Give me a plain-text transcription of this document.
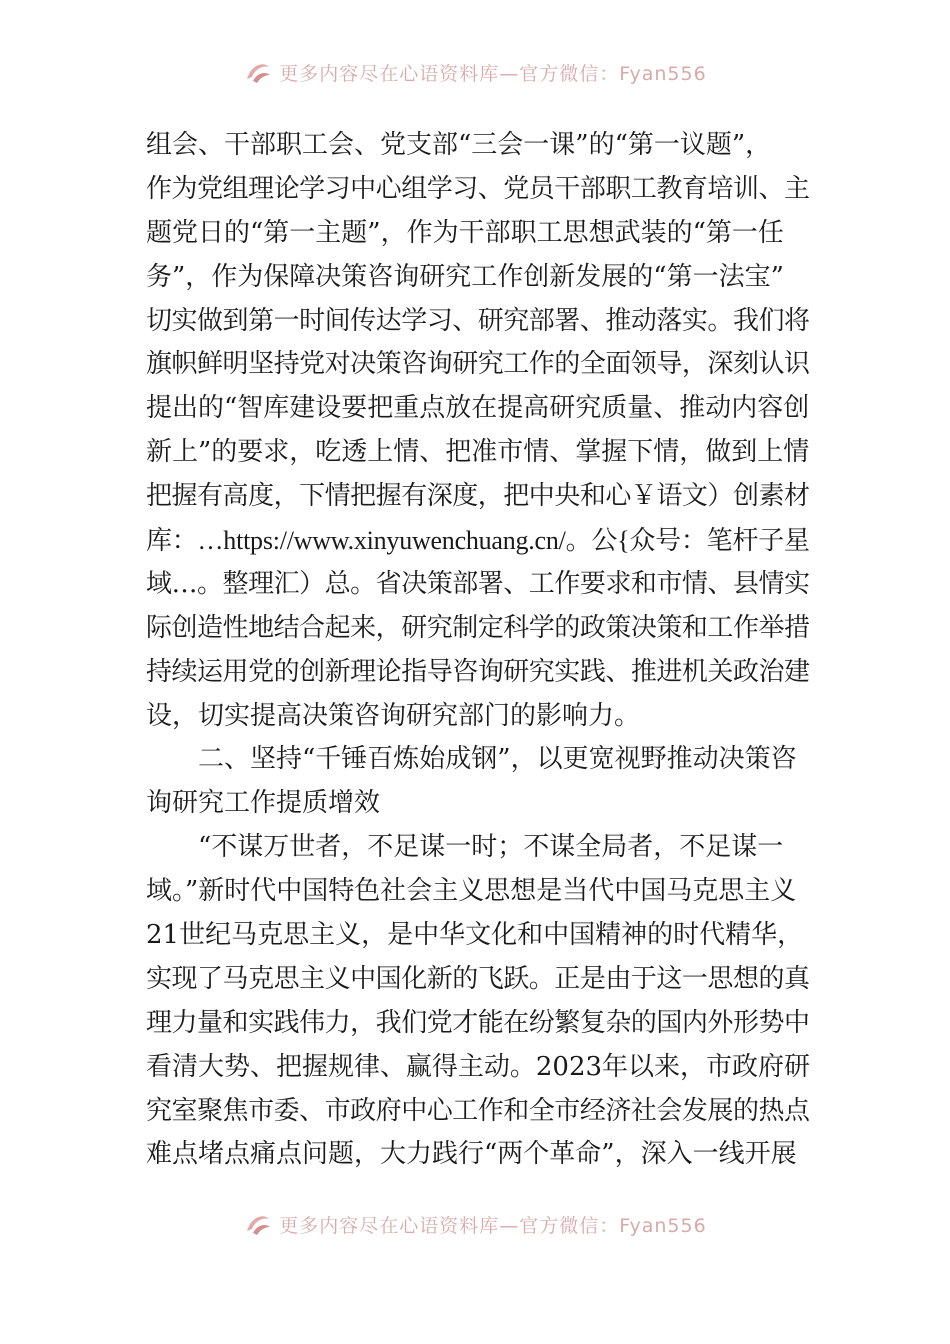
更多内容尽在心语资料库—官方微信：Fyan556
组会、干部职工会、党支部“三会一课”的“第一议题”，
作为党组理论学习中心组学习、党员干部职工教育培训、主
题党日的“第一主题”，作为干部职工思想武装的“第一任
务”，作为保障决策咨询研究工作创新发展的“第一法宝”
切实做到第一时间传达学习、研究部署、推动落实。我们将
旗帜鲜明坚持党对决策咨询研究工作的全面领导，深刻认识
提出的“智库建设要把重点放在提高研究质量、推动内容创
新上”的要求，吃透上情、把准市情、掌握下情，做到上情
把握有高度，下情把握有深度，把中央和心￥语文）创素材
库：…https://www.xinyuwenchuang.cn/。公{众号：笔杆子星
域…。整理汇）总。省决策部署、工作要求和市情、县情实
际创造性地结合起来，研究制定科学的政策决策和工作举措
持续运用党的创新理论指导咨询研究实践、推进机关政治建
设，切实提高决策咨询研究部门的影响力。
二、坚持“千锤百炼始成钢”，以更宽视野推动决策咨
询研究工作提质增效
“不谋万世者，不足谋一时；不谋全局者，不足谋一
域。”新时代中国特色社会主义思想是当代中国马克思主义
21世纪马克思主义，是中华文化和中国精神的时代精华，
实现了马克思主义中国化新的飞跃。正是由于这一思想的真
理力量和实践伟力，我们党才能在纷繁复杂的国内外形势中
看清大势、把握规律、赢得主动。2023年以来，市政府研
究室聚焦市委、市政府中心工作和全市经济社会发展的热点
难点堵点痛点问题，大力践行“两个革命”，深入一线开展
更多内容尽在心语资料库—官方微信：Fyan556
